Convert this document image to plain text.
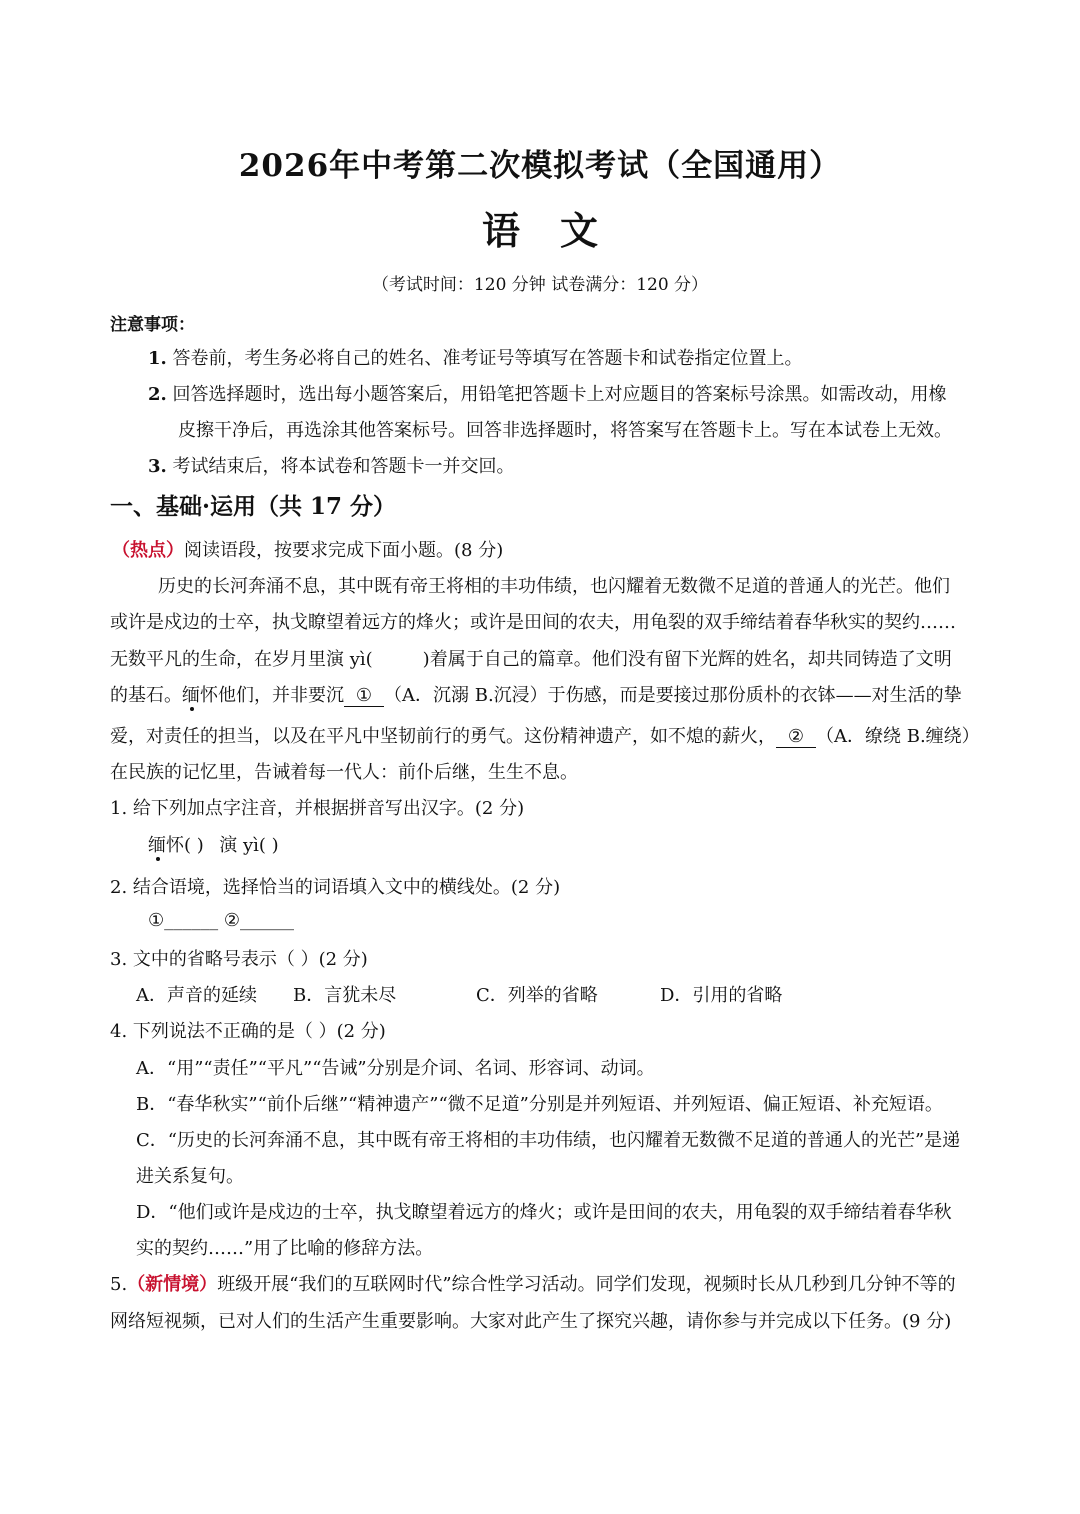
2026年中考第二次模拟考试（全国通用）
语文
（考试时间：120 分钟 试卷满分：120 分）
注意事项：
1. 答卷前，考生务必将自己的姓名、准考证号等填写在答题卡和试卷指定位置上。
2. 回答选择题时，选出每小题答案后，用铅笔把答题卡上对应题目的答案标号涂黑。如需改动，用橡
皮擦干净后，再选涂其他答案标号。回答非选择题时，将答案写在答题卡上。写在本试卷上无效。
3. 考试结束后，将本试卷和答题卡一并交回。
一、基础·运用（共 17 分）
（热点）阅读语段，按要求完成下面小题。(8 分)
历史的长河奔涌不息，其中既有帝王将相的丰功伟绩，也闪耀着无数微不足道的普通人的光芒。他们
或许是戍边的士卒，执戈瞭望着远方的烽火；或许是田间的农夫，用龟裂的双手缔结着春华秋实的契约……
无数平凡的生命，在岁月里演 yì(	)着属于自己的篇章。他们没有留下光辉的姓名，却共同铸造了文明
的基石。缅怀他们，并非要沉 ① （A．沉溺 B.沉浸）于伤感，而是要接过那份质朴的衣钵——对生活的挚
爱，对责任的担当，以及在平凡中坚韧前行的勇气。这份精神遗产，如不熄的薪火， ② （A．缭绕 B.缠绕）
在民族的记忆里，告诫着每一代人：前仆后继，生生不息。
1. 给下列加点字注音，并根据拼音写出汉字。(2 分)
缅怀( ) 演 yì( )
2. 结合语境，选择恰当的词语填入文中的横线处。(2 分)
①______ ②______
3. 文中的省略号表示（ ）(2 分)
A．声音的延续 B．言犹未尽	C．列举的省略	D．引用的省略
4. 下列说法不正确的是（ ）(2 分)
A．“用”“责任”“平凡”“告诫”分别是介词、名词、形容词、动词。
B．“春华秋实”“前仆后继”“精神遗产”“微不足道”分别是并列短语、并列短语、偏正短语、补充短语。
C．“历史的长河奔涌不息，其中既有帝王将相的丰功伟绩，也闪耀着无数微不足道的普通人的光芒”是递
进关系复句。
D．“他们或许是戍边的士卒，执戈瞭望着远方的烽火；或许是田间的农夫，用龟裂的双手缔结着春华秋
实的契约……”用了比喻的修辞方法。
5.（新情境）班级开展“我们的互联网时代”综合性学习活动。同学们发现，视频时长从几秒到几分钟不等的
网络短视频，已对人们的生活产生重要影响。大家对此产生了探究兴趣，请你参与并完成以下任务。(9 分)
